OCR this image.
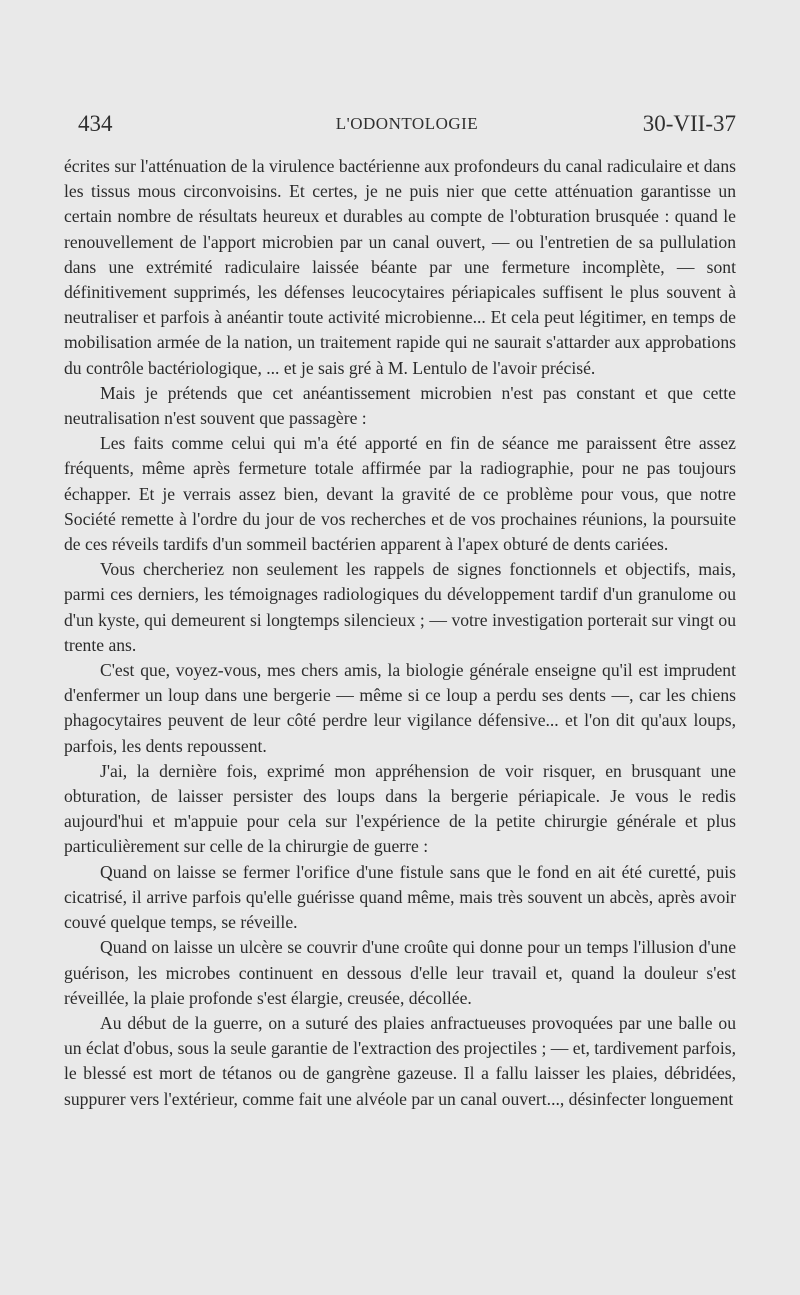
434	L'ODONTOLOGIE	30-VII-37

écrites sur l'atténuation de la virulence bactérienne aux profondeurs du canal radiculaire et dans les tissus mous circonvoisins. Et certes, je ne puis nier que cette atténuation garantisse un certain nombre de résultats heureux et durables au compte de l'obturation brusquée : quand le renouvellement de l'apport microbien par un canal ouvert, — ou l'entretien de sa pullulation dans une extrémité radiculaire laissée béante par une fermeture incomplète, — sont définitivement supprimés, les défenses leucocytaires périapicales suffisent le plus souvent à neutraliser et parfois à anéantir toute activité microbienne... Et cela peut légitimer, en temps de mobilisation armée de la nation, un traitement rapide qui ne saurait s'attarder aux approbations du contrôle bactériologique, ... et je sais gré à M. Lentulo de l'avoir précisé.

Mais je prétends que cet anéantissement microbien n'est pas constant et que cette neutralisation n'est souvent que passagère :

Les faits comme celui qui m'a été apporté en fin de séance me paraissent être assez fréquents, même après fermeture totale affirmée par la radiographie, pour ne pas toujours échapper. Et je verrais assez bien, devant la gravité de ce problème pour vous, que notre Société remette à l'ordre du jour de vos recherches et de vos prochaines réunions, la poursuite de ces réveils tardifs d'un sommeil bactérien apparent à l'apex obturé de dents cariées.

Vous chercheriez non seulement les rappels de signes fonctionnels et objectifs, mais, parmi ces derniers, les témoignages radiologiques du développement tardif d'un granulome ou d'un kyste, qui demeurent si longtemps silencieux ; — votre investigation porterait sur vingt ou trente ans.

C'est que, voyez-vous, mes chers amis, la biologie générale enseigne qu'il est imprudent d'enfermer un loup dans une bergerie — même si ce loup a perdu ses dents —, car les chiens phagocytaires peuvent de leur côté perdre leur vigilance défensive... et l'on dit qu'aux loups, parfois, les dents repoussent.

J'ai, la dernière fois, exprimé mon appréhension de voir risquer, en brusquant une obturation, de laisser persister des loups dans la bergerie périapicale. Je vous le redis aujourd'hui et m'appuie pour cela sur l'expérience de la petite chirurgie générale et plus particulièrement sur celle de la chirurgie de guerre :

Quand on laisse se fermer l'orifice d'une fistule sans que le fond en ait été curetté, puis cicatrisé, il arrive parfois qu'elle guérisse quand même, mais très souvent un abcès, après avoir couvé quelque temps, se réveille.

Quand on laisse un ulcère se couvrir d'une croûte qui donne pour un temps l'illusion d'une guérison, les microbes continuent en dessous d'elle leur travail et, quand la douleur s'est réveillée, la plaie profonde s'est élargie, creusée, décollée.

Au début de la guerre, on a suturé des plaies anfractueuses provoquées par une balle ou un éclat d'obus, sous la seule garantie de l'extraction des projectiles ; — et, tardivement parfois, le blessé est mort de tétanos ou de gangrène gazeuse. Il a fallu laisser les plaies, débridées, suppurer vers l'extérieur, comme fait une alvéole par un canal ouvert..., désinfecter longuement
